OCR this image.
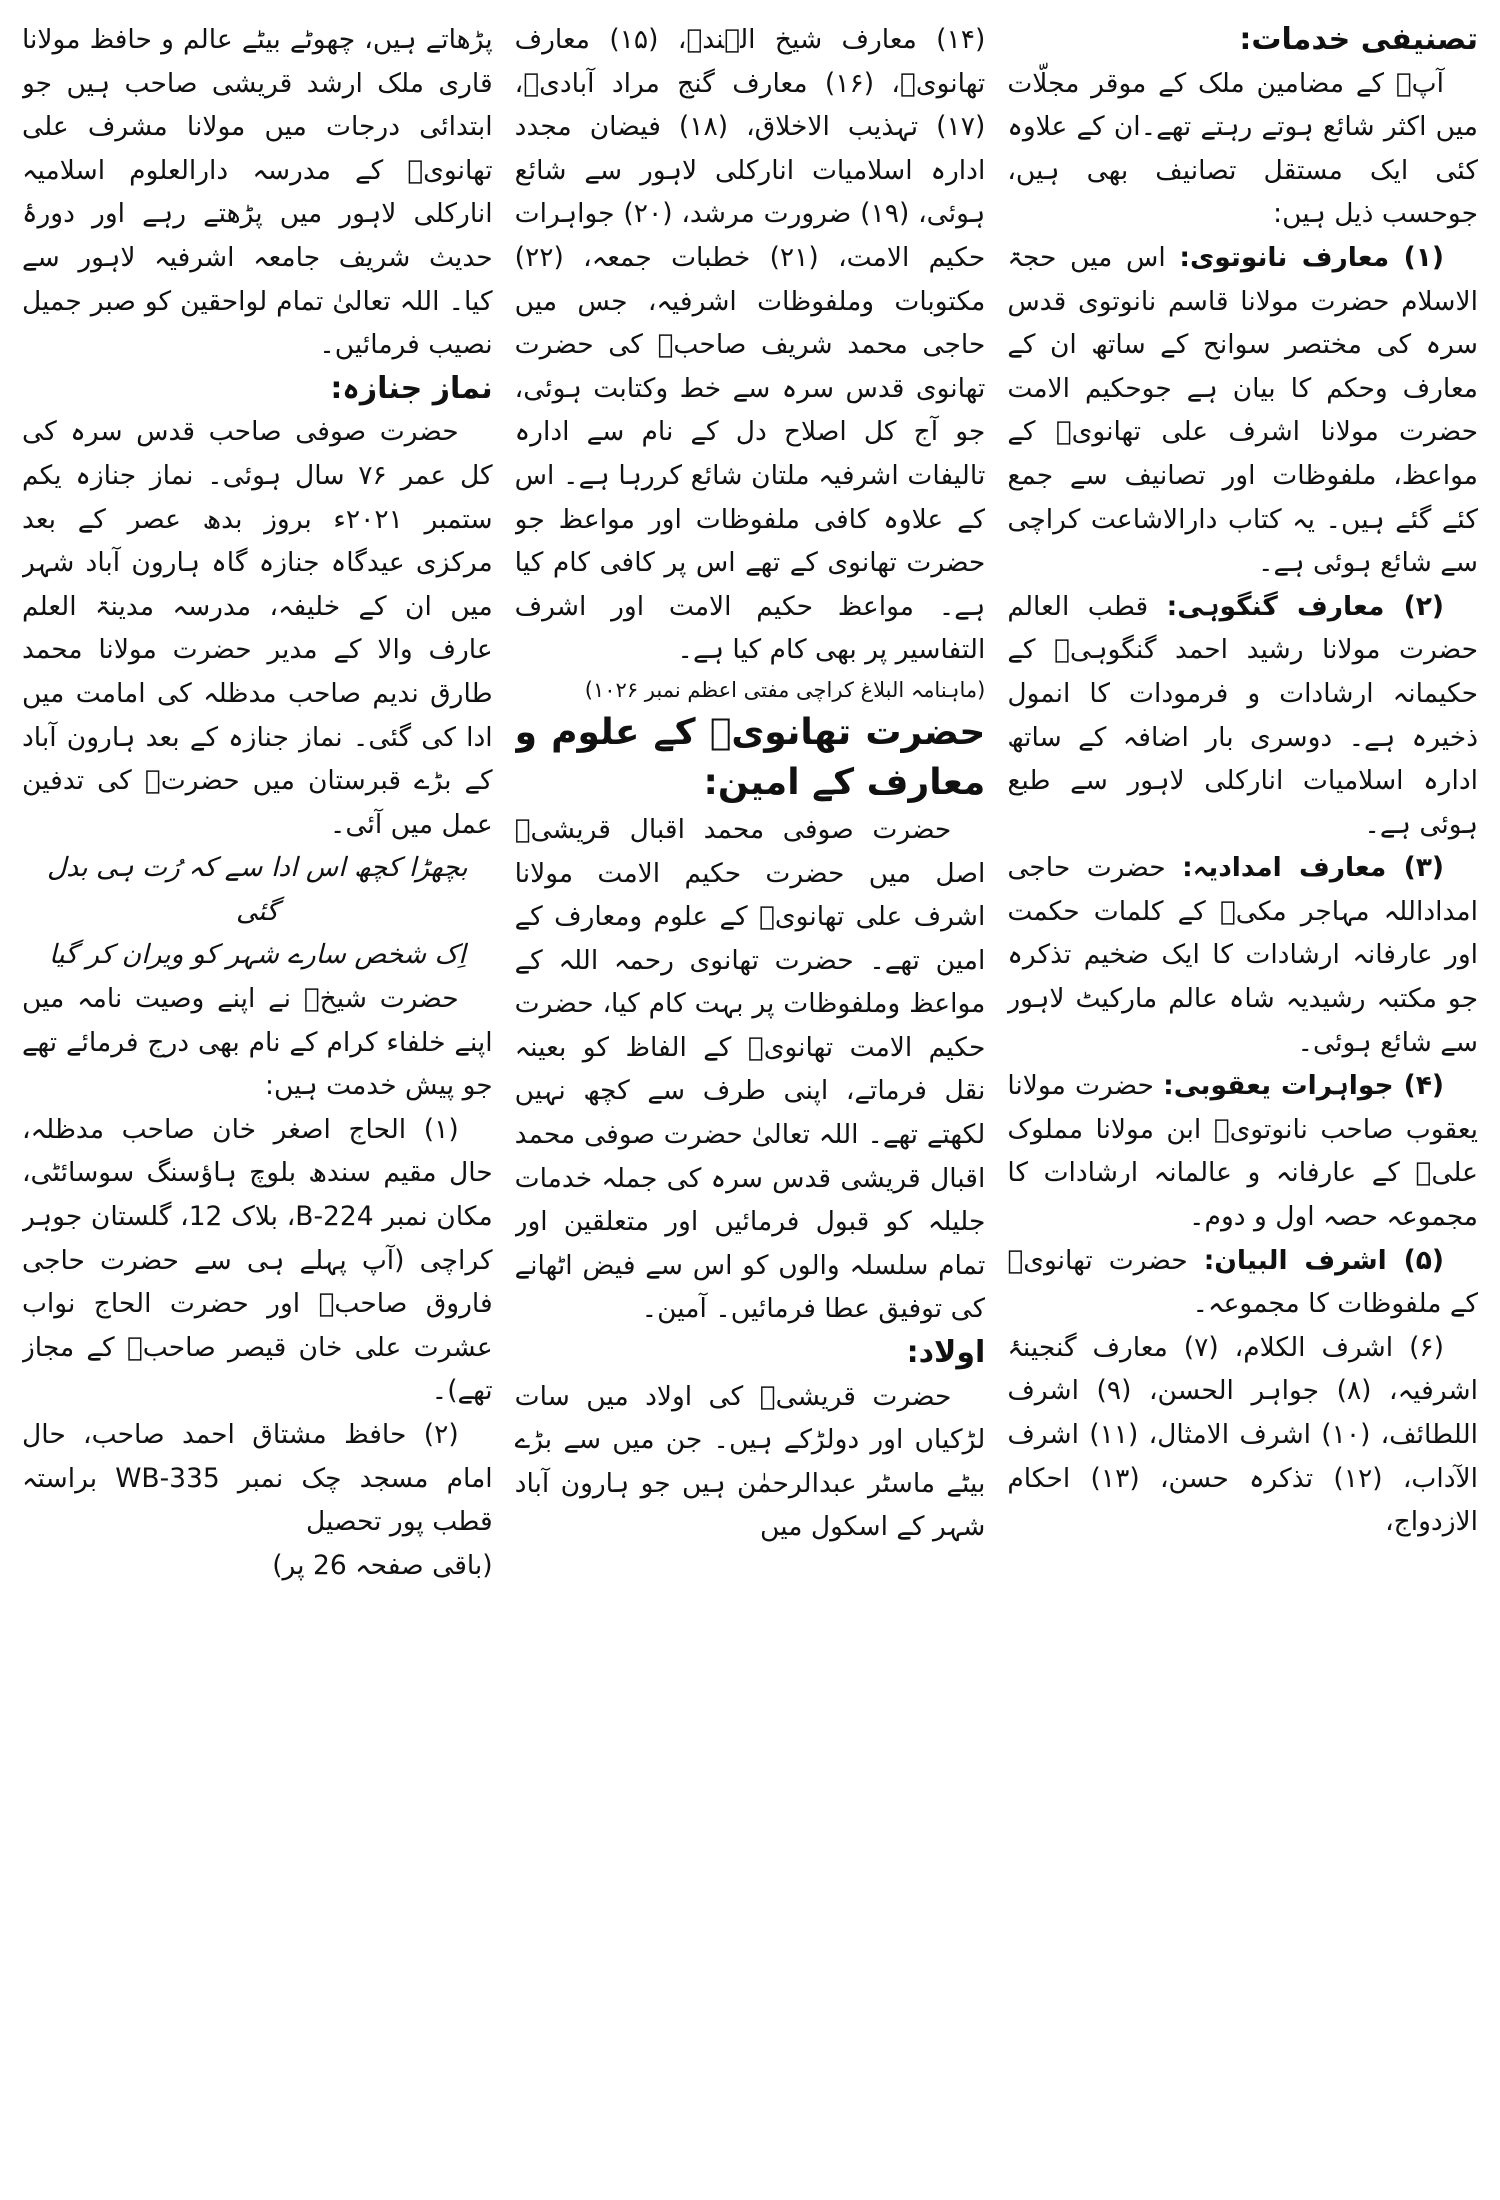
تصنیفی خدمات:

آپؒ کے مضامین ملک کے موقر مجلّات میں اکثر شائع ہوتے رہتے تھے۔ان کے علاوہ کئی ایک مستقل تصانیف بھی ہیں، جوحسب ذیل ہیں:

(۱) معارف نانوتوی: اس میں حجۃ الاسلام حضرت مولانا قاسم نانوتوی قدس سرہ کی مختصر سوانح کے ساتھ ان کے معارف وحکم کا بیان ہے جوحکیم الامت حضرت مولانا اشرف علی تھانویؒ کے مواعظ، ملفوظات اور تصانیف سے جمع کئے گئے ہیں۔ یہ کتاب دارالاشاعت کراچی سے شائع ہوئی ہے۔

(۲) معارف گنگوہی: قطب العالم حضرت مولانا رشید احمد گنگوہیؒ کے حکیمانہ ارشادات و فرمودات کا انمول ذخیرہ ہے۔ دوسری بار اضافہ کے ساتھ ادارہ اسلامیات انارکلی لاہور سے طبع ہوئی ہے۔

(۳) معارف امدادیہ: حضرت حاجی امداداللہ مہاجر مکیؒ کے کلمات حکمت اور عارفانہ ارشادات کا ایک ضخیم تذکرہ جو مکتبہ رشیدیہ شاہ عالم مارکیٹ لاہور سے شائع ہوئی۔

(۴) جواہرات یعقوبی: حضرت مولانا یعقوب صاحب نانوتویؒ ابن مولانا مملوک علیؒ کے عارفانہ و عالمانہ ارشادات کا مجموعہ حصہ اول و دوم۔

(۵) اشرف البیان: حضرت تھانویؒ کے ملفوظات کا مجموعہ۔

(۶) اشرف الکلام، (۷) معارف گنجینۂ اشرفیہ، (۸) جواہر الحسن، (۹) اشرف اللطائف، (۱۰) اشرف الامثال، (۱۱) اشرف الآداب، (۱۲) تذکرہ حسن، (۱۳) احکام الازدواج،

(۱۴) معارف شیخ الہندؒ، (۱۵) معارف تھانویؒ، (۱۶) معارف گنج مراد آبادیؒ، (۱۷) تہذیب الاخلاق، (۱۸) فیضان مجدد ادارہ اسلامیات انارکلی لاہور سے شائع ہوئی، (۱۹) ضرورت مرشد، (۲۰) جواہرات حکیم الامت، (۲۱) خطبات جمعہ، (۲۲) مکتوبات وملفوظات اشرفیہ، جس میں حاجی محمد شریف صاحبؒ کی حضرت تھانوی قدس سرہ سے خط وکتابت ہوئی، جو آج کل اصلاح دل کے نام سے ادارہ تالیفات اشرفیہ ملتان شائع کررہا ہے۔ اس کے علاوہ کافی ملفوظات اور مواعظ جو حضرت تھانوی کے تھے اس پر کافی کام کیا ہے۔ مواعظ حکیم الامت اور اشرف التفاسیر پر بھی کام کیا ہے۔

(ماہنامہ البلاغ کراچی مفتی اعظم نمبر ۱۰۲۶)

حضرت تھانویؒ کے علوم و معارف کے امین:

حضرت صوفی محمد اقبال قریشیؒ اصل میں حضرت حکیم الامت مولانا اشرف علی تھانویؒ کے علوم ومعارف کے امین تھے۔ حضرت تھانوی رحمہ اللہ کے مواعظ وملفوظات پر بہت کام کیا، حضرت حکیم الامت تھانویؒ کے الفاظ کو بعینہ نقل فرماتے، اپنی طرف سے کچھ نہیں لکھتے تھے۔ اللہ تعالیٰ حضرت صوفی محمد اقبال قریشی قدس سرہ کی جملہ خدمات جلیلہ کو قبول فرمائیں اور متعلقین اور تمام سلسلہ والوں کو اس سے فیض اٹھانے کی توفیق عطا فرمائیں۔ آمین۔

اولاد:

حضرت قریشیؒ کی اولاد میں سات لڑکیاں اور دولڑکے ہیں۔ جن میں سے بڑے بیٹے ماسٹر عبدالرحمٰن ہیں جو ہارون آباد شہر کے اسکول میں

پڑھاتے ہیں، چھوٹے بیٹے عالم و حافظ مولانا قاری ملک ارشد قریشی صاحب ہیں جو ابتدائی درجات میں مولانا مشرف علی تھانویؒ کے مدرسہ دارالعلوم اسلامیہ انارکلی لاہور میں پڑھتے رہے اور دورۂ حدیث شریف جامعہ اشرفیہ لاہور سے کیا۔ اللہ تعالیٰ تمام لواحقین کو صبر جمیل نصیب فرمائیں۔

نماز جنازہ:

حضرت صوفی صاحب قدس سرہ کی کل عمر ۷۶ سال ہوئی۔ نماز جنازہ یکم ستمبر ۲۰۲۱ء بروز بدھ عصر کے بعد مرکزی عیدگاہ جنازہ گاہ ہارون آباد شہر میں ان کے خلیفہ، مدرسہ مدینۃ العلم عارف والا کے مدیر حضرت مولانا محمد طارق ندیم صاحب مدظلہ کی امامت میں ادا کی گئی۔ نماز جنازہ کے بعد ہارون آباد کے بڑے قبرستان میں حضرتؒ کی تدفین عمل میں آئی۔

بچھڑا کچھ اس ادا سے کہ رُت ہی بدل گئی

اِک شخص سارے شہر کو ویران کر گیا

حضرت شیخؒ نے اپنے وصیت نامہ میں اپنے خلفاء کرام کے نام بھی درج فرمائے تھے جو پیش خدمت ہیں:

(۱) الحاج اصغر خان صاحب مدظلہ، حال مقیم سندھ بلوچ ہاؤسنگ سوسائٹی، مکان نمبر 224-B، بلاک 12، گلستان جوہر کراچی (آپ پہلے ہی سے حضرت حاجی فاروق صاحبؒ اور حضرت الحاج نواب عشرت علی خان قیصر صاحبؒ کے مجاز تھے)۔

(۲) حافظ مشتاق احمد صاحب، حال امام مسجد چک نمبر 335-WB براستہ قطب پور تحصیل

(باقی صفحہ 26 پر)
